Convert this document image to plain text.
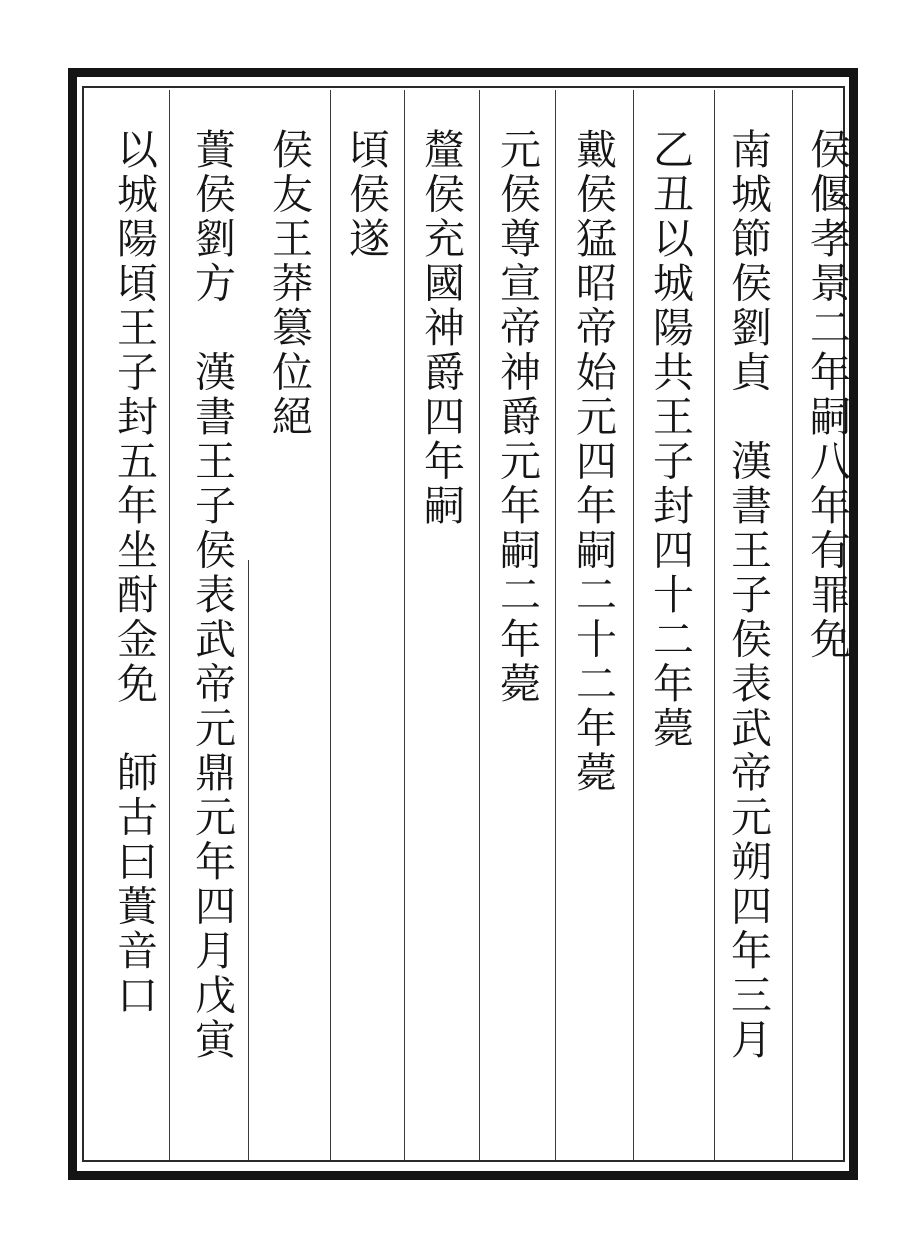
侯偃孝景二年嗣八年有罪免

南城節侯劉貞　漢書王子侯表武帝元朔四年三月

乙丑以城陽共王子封四十二年薨

戴侯猛昭帝始元四年嗣二十二年薨

元侯尊宣帝神爵元年嗣二年薨

釐侯充國神爵四年嗣

頃侯遂

侯友王莽篡位絕

蕢侯劉方　漢書王子侯表武帝元鼎元年四月戊寅

以城陽頃王子封五年坐酎金免　師古曰蕢音口
